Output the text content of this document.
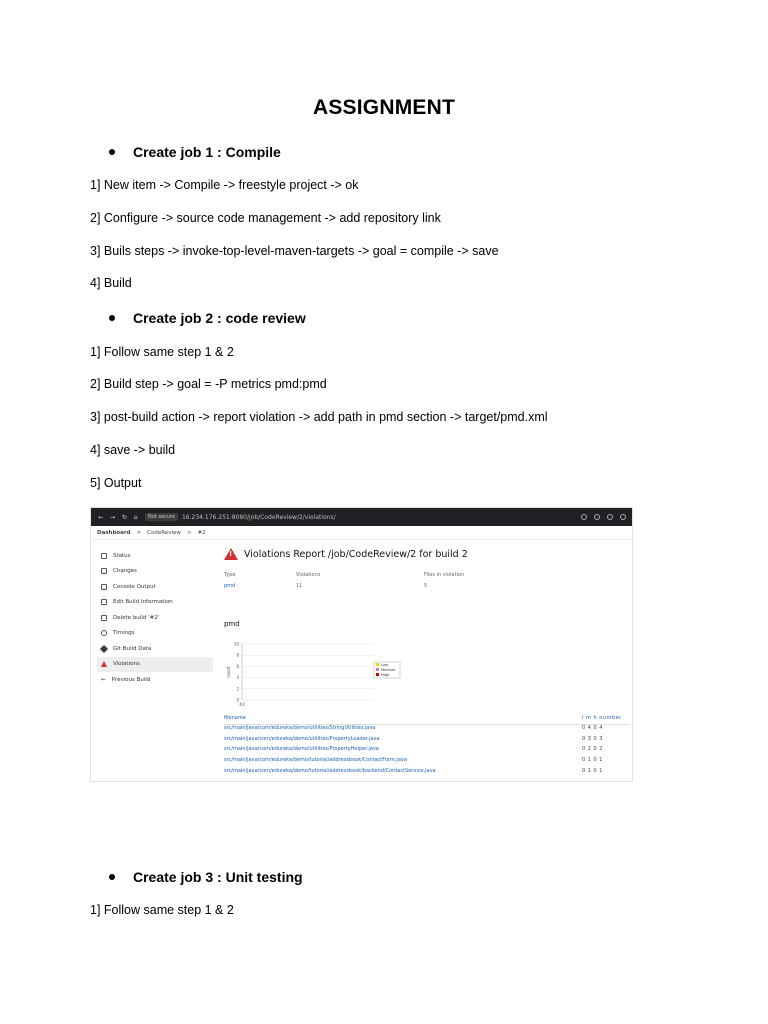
ASSIGNMENT
Create job 1 : Compile
1] New item -> Compile -> freestyle project -> ok
2] Configure -> source code management -> add repository link
3] Buils steps -> invoke-top-level-maven-targets -> goal = compile -> save
4] Build
Create job 2 : code review
1] Follow same step 1 & 2
2] Build step -> goal = -P metrics pmd:pmd
3] post-build action -> report violation -> add path in pmd section -> target/pmd.xml
4] save -> build
5] Output
← → ↻ ⌂	Not secure	16.234.176.251:8080/job/CodeReview/2/violations/
Dashboard > CodeReview > #2
Status
Changes
Console Output
Edit Build Information
Delete build '#2'
Timings
Git Build Data
Violations
← Previous Build
!
Violations Report /job/CodeReview/2 for build 2
Type	Violations	Files in violation
pmd	11	5
pmd
0
2
4
6
8
10
count
#2
Low
Medium
High
filename	l m h number
src/main/java/com/edureka/demo/utilities/StringUtilities.java	0 4 0 4
src/main/java/com/edureka/demo/utilities/PropertyLoader.java	0 3 0 3
src/main/java/com/edureka/demo/utilities/PropertyHelper.java	0 2 0 2
src/main/java/com/edureka/demo/tutorial/addressbook/ContactForm.java	0 1 0 1
src/main/java/com/edureka/demo/tutorial/addressbook/backend/ContactService.java	0 1 0 1
Create job 3 : Unit testing
1] Follow same step 1 & 2
